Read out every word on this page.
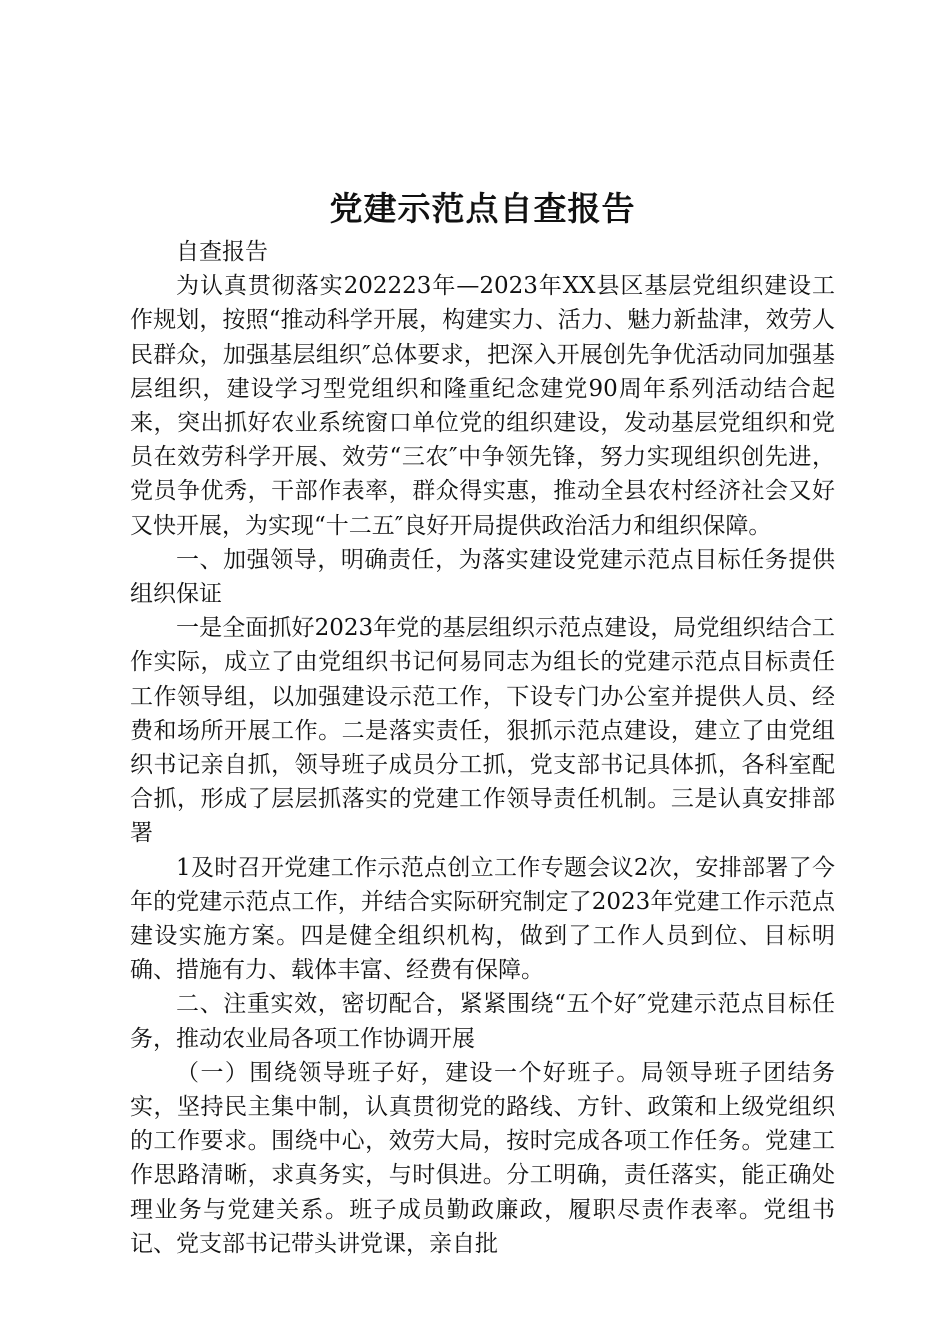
党建示范点自查报告

自查报告

为认真贯彻落实202223年—2023年XX县区基层党组织建设工作规划，按照“推动科学开展，构建实力、活力、魅力新盐津，效劳人民群众，加强基层组织″总体要求，把深入开展创先争优活动同加强基层组织，建设学习型党组织和隆重纪念建党90周年系列活动结合起来，突出抓好农业系统窗口单位党的组织建设，发动基层党组织和党员在效劳科学开展、效劳“三农″中争领先锋，努力实现组织创先进，党员争优秀，干部作表率，群众得实惠，推动全县农村经济社会又好又快开展，为实现“十二五″良好开局提供政治活力和组织保障。

一、加强领导，明确责任，为落实建设党建示范点目标任务提供组织保证

一是全面抓好2023年党的基层组织示范点建设，局党组织结合工作实际，成立了由党组织书记何易同志为组长的党建示范点目标责任工作领导组，以加强建设示范工作，下设专门办公室并提供人员、经费和场所开展工作。二是落实责任，狠抓示范点建设，建立了由党组织书记亲自抓，领导班子成员分工抓，党支部书记具体抓，各科室配合抓，形成了层层抓落实的党建工作领导责任机制。三是认真安排部署

1及时召开党建工作示范点创立工作专题会议2次，安排部署了今年的党建示范点工作，并结合实际研究制定了2023年党建工作示范点建设实施方案。四是健全组织机构，做到了工作人员到位、目标明确、措施有力、载体丰富、经费有保障。

二、注重实效，密切配合，紧紧围绕“五个好″党建示范点目标任务，推动农业局各项工作协调开展

（一）围绕领导班子好，建设一个好班子。局领导班子团结务实，坚持民主集中制，认真贯彻党的路线、方针、政策和上级党组织的工作要求。围绕中心，效劳大局，按时完成各项工作任务。党建工作思路清晰，求真务实，与时俱进。分工明确，责任落实，能正确处理业务与党建关系。班子成员勤政廉政，履职尽责作表率。党组书记、党支部书记带头讲党课，亲自批
